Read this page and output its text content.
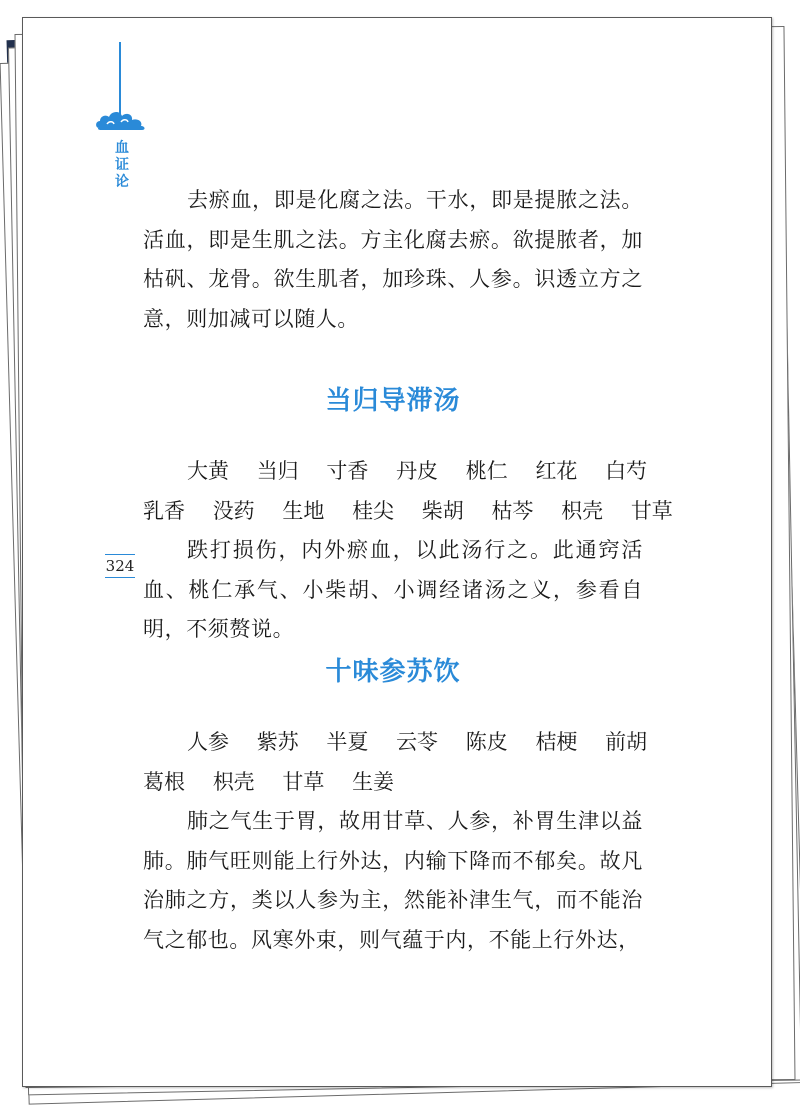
血
证
论
324

去瘀血，即是化腐之法。干水，即是提脓之法。活血，即是生肌之法。方主化腐去瘀。欲提脓者，加枯矾、龙骨。欲生肌者，加珍珠、人参。识透立方之意，则加减可以随人。

当归导滞汤
大黄 当归 寸香 丹皮 桃仁 红花 白芍
乳香 没药 生地 桂尖 柴胡 枯芩 枳壳 甘草

跌打损伤，内外瘀血，以此汤行之。此通窍活血、桃仁承气、小柴胡、小调经诸汤之义，参看自明，不须赘说。

十味参苏饮
人参 紫苏 半夏 云苓 陈皮 桔梗 前胡
葛根 枳壳 甘草 生姜

肺之气生于胃，故用甘草、人参，补胃生津以益肺。肺气旺则能上行外达，内输下降而不郁矣。故凡治肺之方，类以人参为主，然能补津生气，而不能治气之郁也。风寒外束，则气蕴于内，不能上行外达，
